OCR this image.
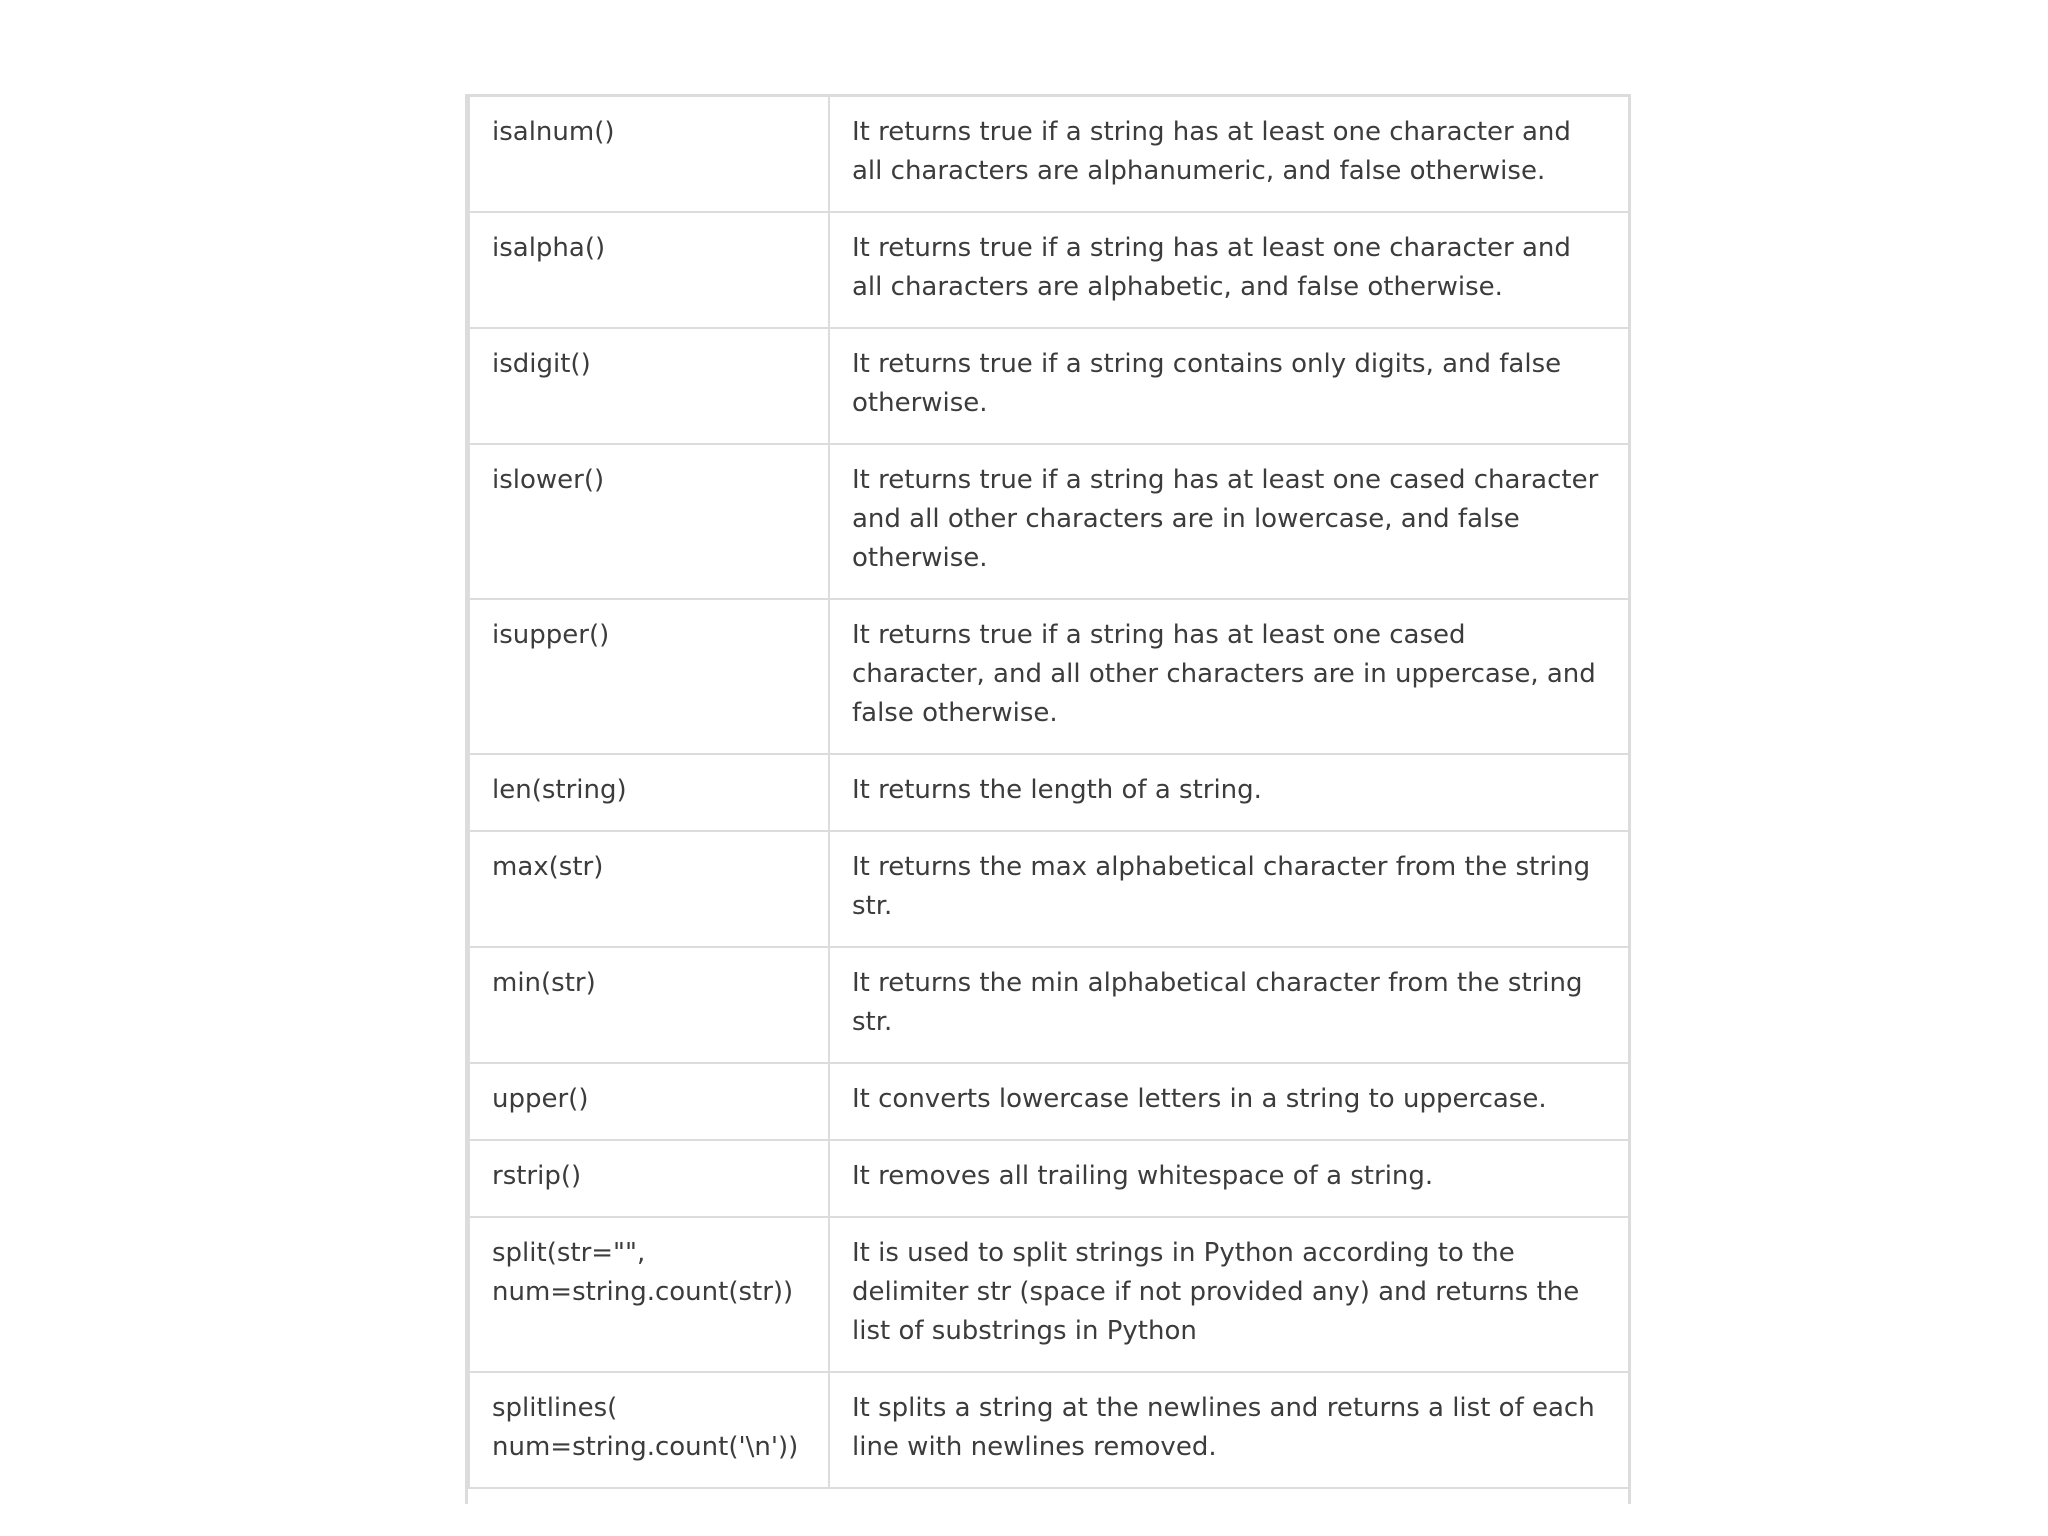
isalnum()	It returns true if a string has at least one character and all characters are alphanumeric, and false otherwise.
isalpha()	It returns true if a string has at least one character and all characters are alphabetic, and false otherwise.
isdigit()	It returns true if a string contains only digits, and false otherwise.
islower()	It returns true if a string has at least one cased character and all other characters are in lowercase, and false otherwise.
isupper()	It returns true if a string has at least one cased character, and all other characters are in uppercase, and false otherwise.
len(string)	It returns the length of a string.
max(str)	It returns the max alphabetical character from the string str.
min(str)	It returns the min alphabetical character from the string str.
upper()	It converts lowercase letters in a string to uppercase.
rstrip()	It removes all trailing whitespace of a string.
split(str="", num=string.count(str))	It is used to split strings in Python according to the delimiter str (space if not provided any) and returns the list of substrings in Python
splitlines( num=string.count('\n'))	It splits a string at the newlines and returns a list of each line with newlines removed.
